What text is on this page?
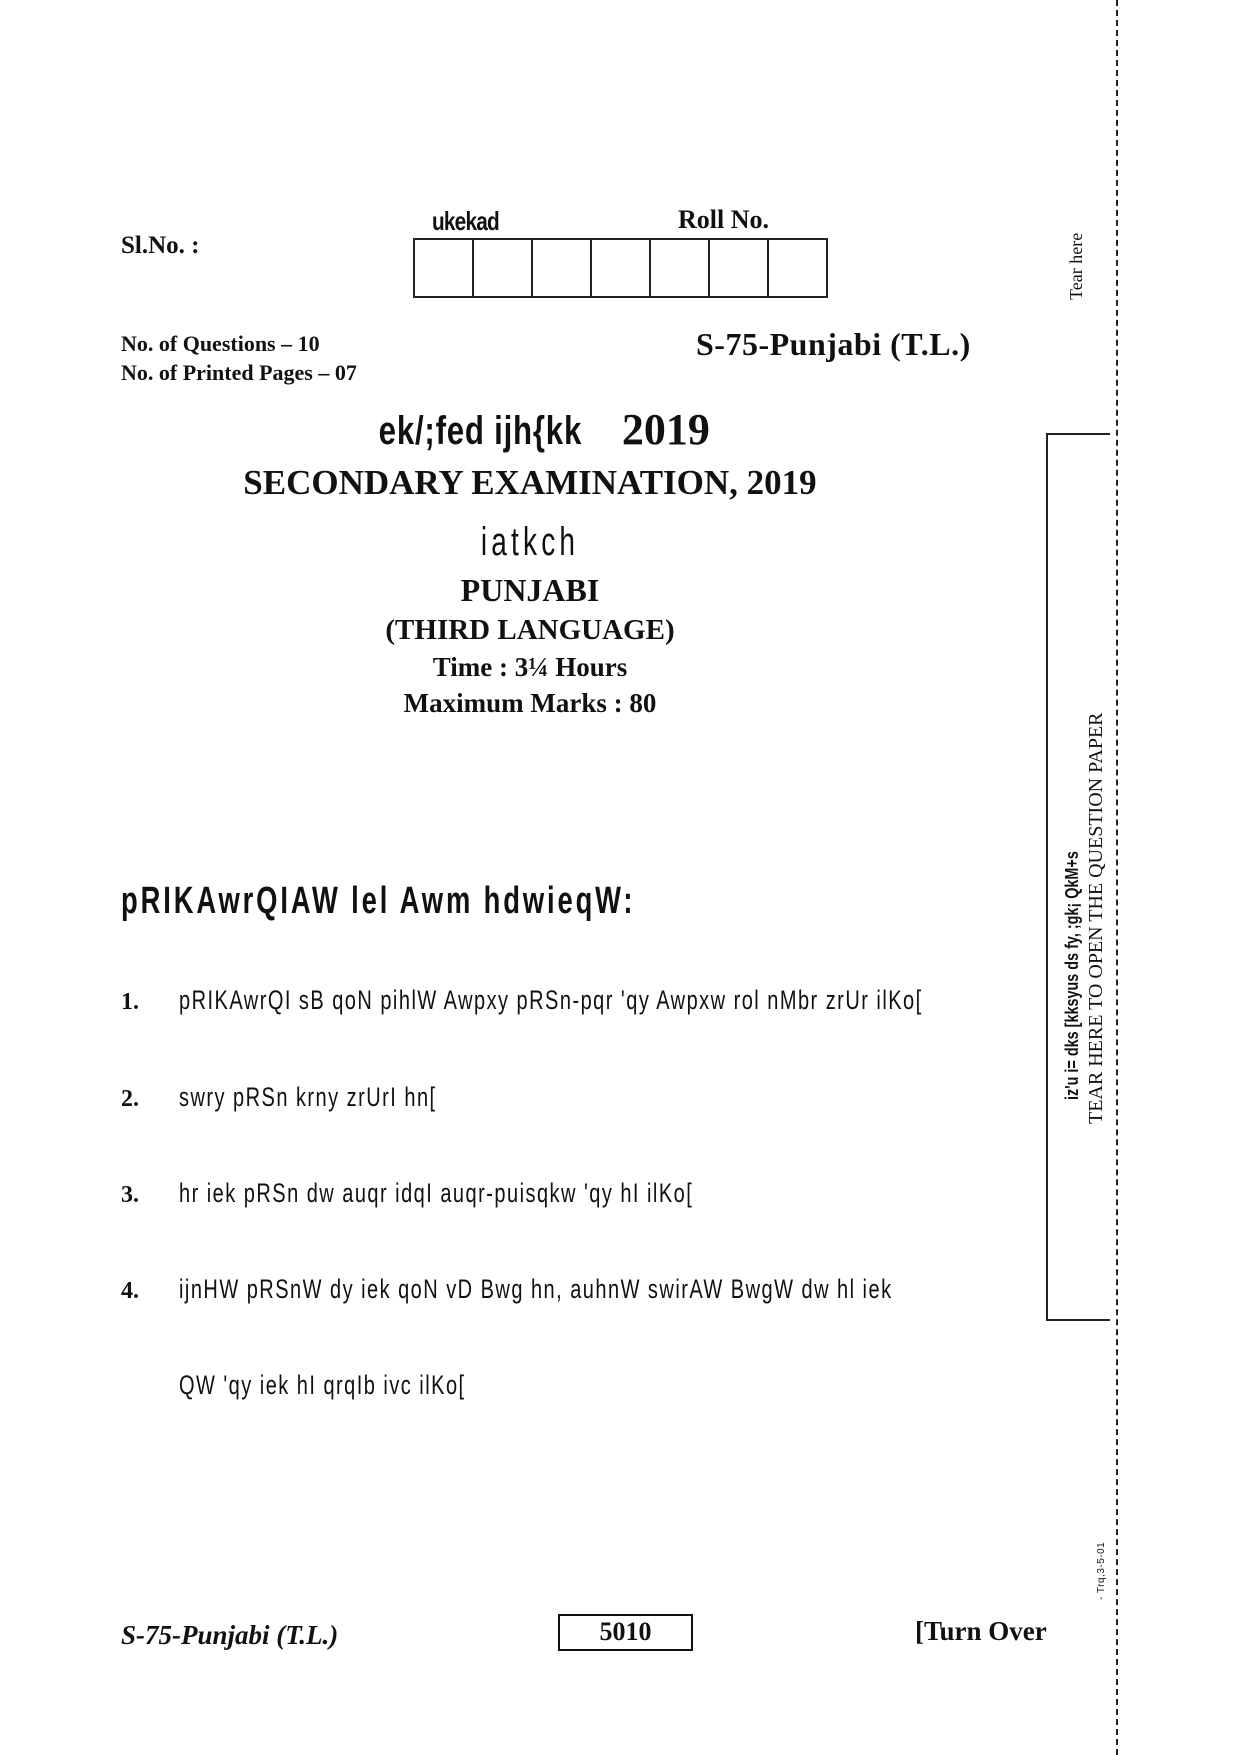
Sl.No. :
ukekad	Roll No.
No. of Questions – 10
No. of Printed Pages – 07
S-75-Punjabi (T.L.)
ek/;fed ijh{kk 2019
SECONDARY EXAMINATION, 2019
iatkch
PUNJABI
(THIRD LANGUAGE)
Time : 3¼ Hours
Maximum Marks : 80
pRIKAwrQIAW lel Awm hdwieqW:
1. pRIKAwrQI sB qoN pihlW Awpxy pRSn-pqr 'qy Awpxw rol nMbr zrUr ilKo[
2. swry pRSn krny zrUrI hn[
3. hr iek pRSn dw auqr idqI auqr-puisqkw 'qy hI ilKo[
4. ijnHW pRSnW dy iek qoN vD Bwg hn, auhnW swirAW BwgW dw hl iek
QW 'qy iek hI qrqIb ivc ilKo[
S-75-Punjabi (T.L.)	5010	[Turn Over
Tear here
iz'u i= dks [kksyus ds fy, ;gk¡ QkM+s TEAR HERE TO OPEN THE QUESTION PAPER
- Trq,3-5-01
